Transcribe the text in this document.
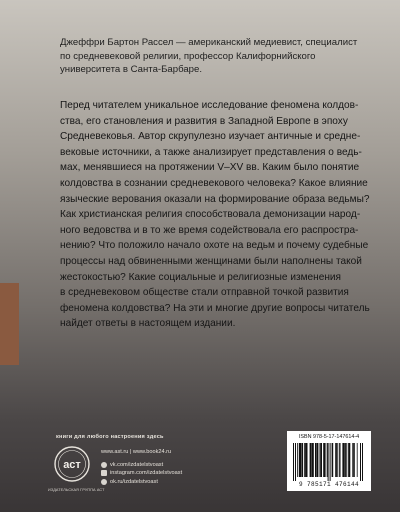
Джеффри Бартон Рассел — американский медиевист, специалист
по средневековой религии, профессор Калифорнийского
университета в Санта-Барбаре.
Перед читателем уникальное исследование феномена колдов-
ства, его становления и развития в Западной Европе в эпоху
Средневековья. Автор скрупулезно изучает античные и средне-
вековые источники, а также анализирует представления о ведь-
мах, менявшиеся на протяжении V–XV вв. Каким было понятие
колдовства в сознании средневекового человека? Какое влияние
языческие верования оказали на формирование образа ведьмы?
Как христианская религия способствовала демонизации народ-
ного ведовства и в то же время содействовала его распростра-
нению? Что положило начало охоте на ведьм и почему судебные
процессы над обвиненными женщинами были наполнены такой
жестокостью? Какие социальные и религиозные изменения
в средневековом обществе стали отправной точкой развития
феномена колдовства? На эти и многие другие вопросы читатель
найдет ответы в настоящем издании.
книги для любого настроения здесь
аст
ИЗДАТЕЛЬСКАЯ ГРУППА АСТ
www.ast.ru | www.book24.ru
vk.com/izdatelstvoast
instagram.com/izdatelstvoast
ok.ru/izdatelstvoast
ISBN 978-5-17-147614-4
9 785171 476144
